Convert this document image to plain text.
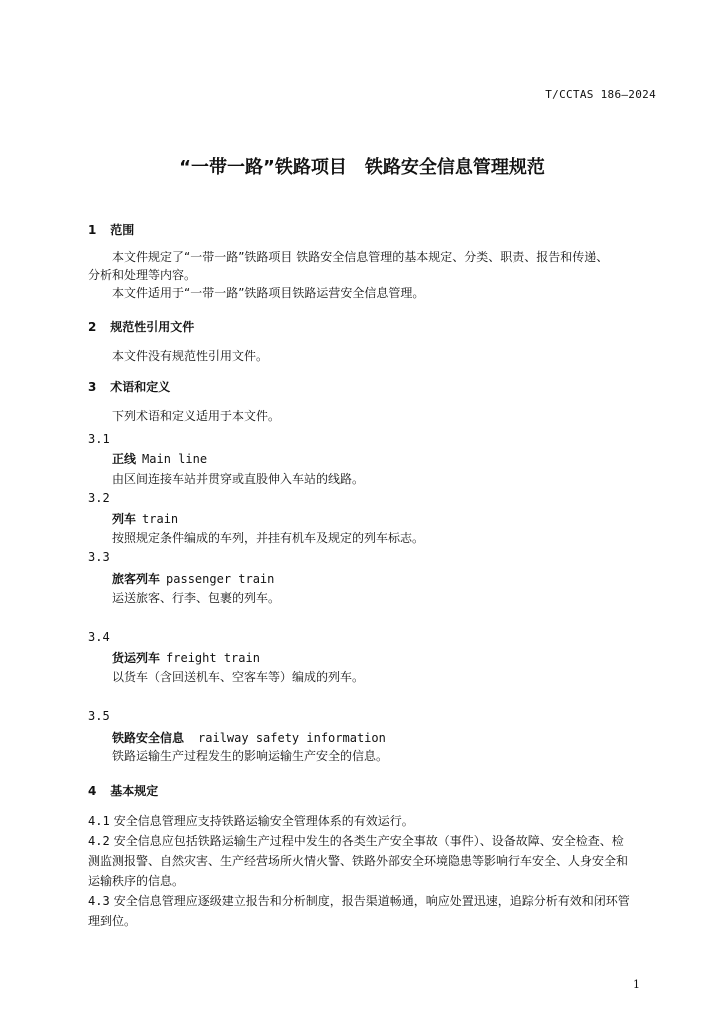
T/CCTAS 186—2024
“一带一路”铁路项目　铁路安全信息管理规范
1 范围
本文件规定了“一带一路”铁路项目 铁路安全信息管理的基本规定、分类、职责、报告和传递、
分析和处理等内容。
本文件适用于“一带一路”铁路项目铁路运营安全信息管理。
2 规范性引用文件
本文件没有规范性引用文件。
3 术语和定义
下列术语和定义适用于本文件。
3.1
正线 Main line
由区间连接车站并贯穿或直股伸入车站的线路。
3.2
列车 train
按照规定条件编成的车列，并挂有机车及规定的列车标志。
3.3
旅客列车 passenger train
运送旅客、行李、包裹的列车。
3.4
货运列车 freight train
以货车（含回送机车、空客车等）编成的列车。
3.5
铁路安全信息 railway safety information
铁路运输生产过程发生的影响运输生产安全的信息。
4 基本规定
4.1 安全信息管理应支持铁路运输安全管理体系的有效运行。
4.2 安全信息应包括铁路运输生产过程中发生的各类生产安全事故（事件）、设备故障、安全检查、检
测监测报警、自然灾害、生产经营场所火情火警、铁路外部安全环境隐患等影响行车安全、人身安全和
运输秩序的信息。
4.3 安全信息管理应逐级建立报告和分析制度，报告渠道畅通，响应处置迅速，追踪分析有效和闭环管
理到位。
1
